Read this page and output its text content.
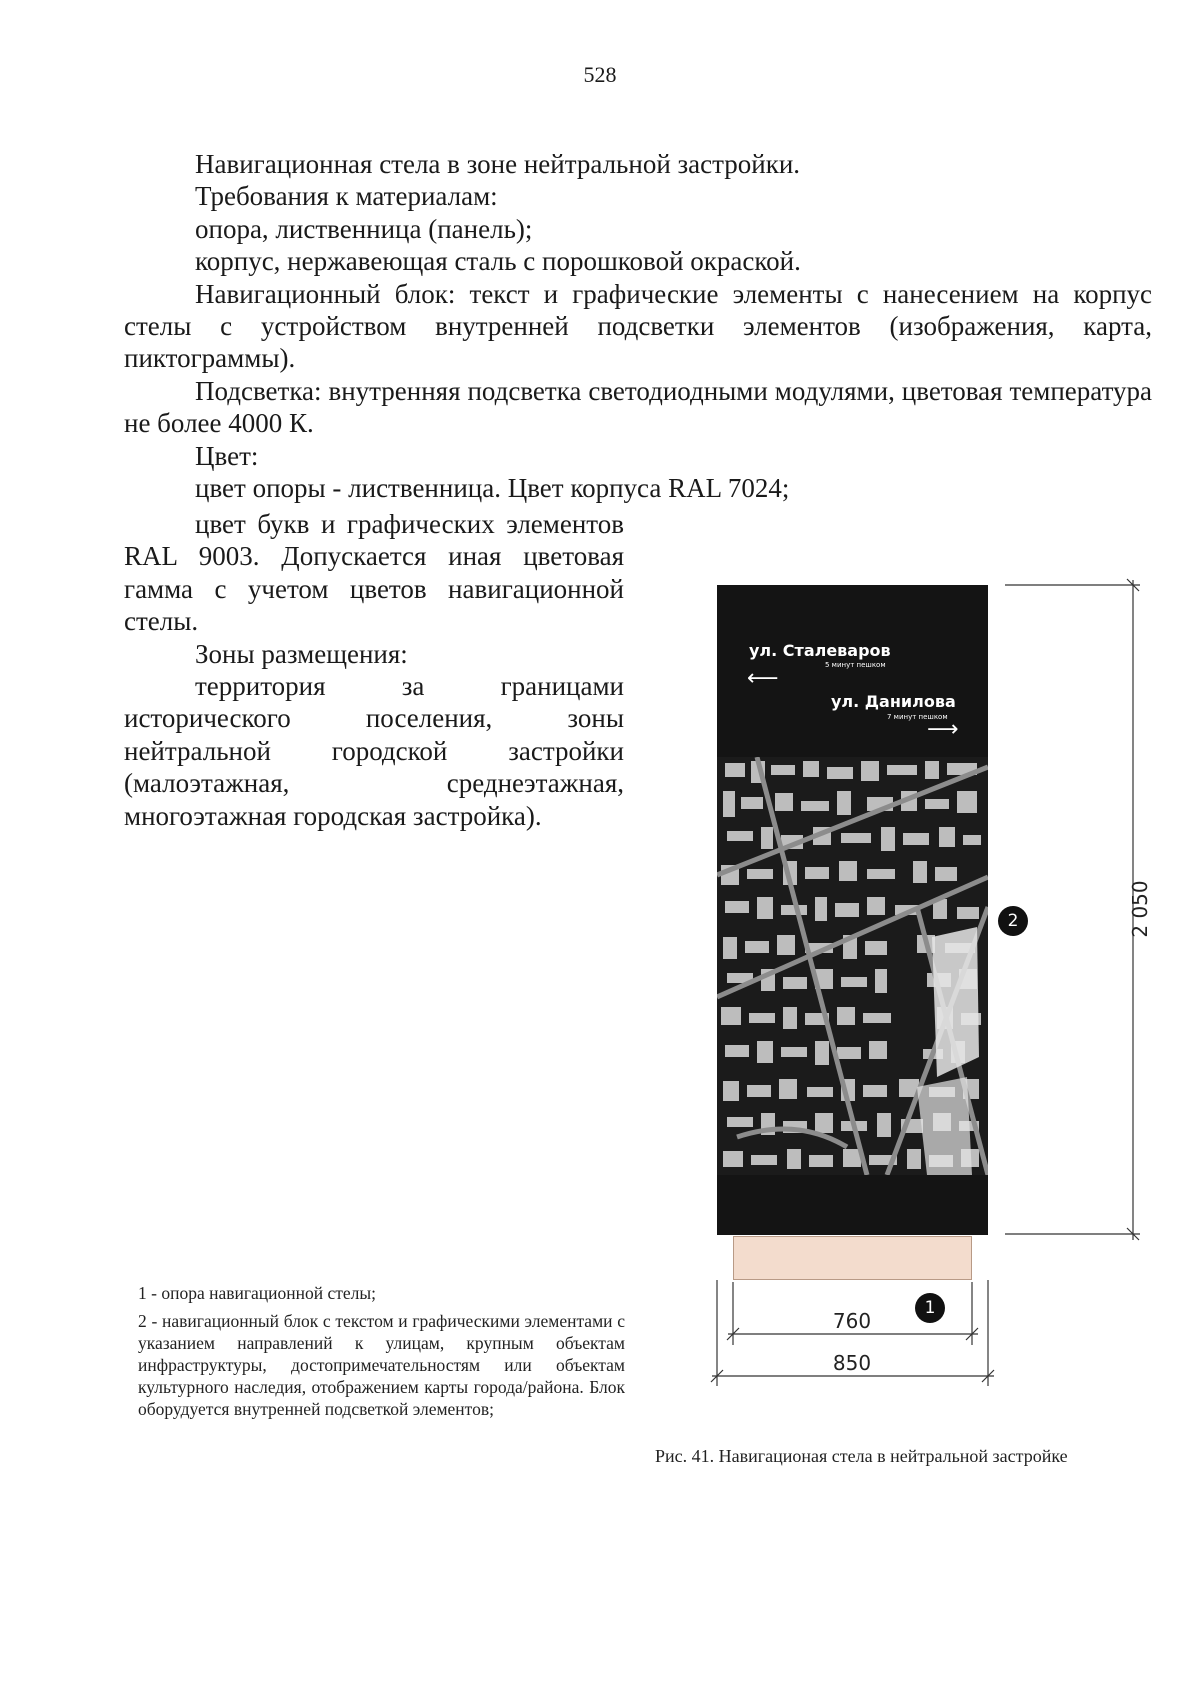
528

Навигационная стела в зоне нейтральной застройки.

Требования к материалам:

опора, лиственница (панель);

корпус, нержавеющая сталь с порошковой окраской.

Навигационный блок: текст и графические элементы с нанесением на корпус стелы с устройством внутренней подсветки элементов (изображения, карта, пиктограммы).

Подсветка: внутренняя подсветка светодиодными модулями, цветовая температура не более 4000 К.

Цвет:

цвет опоры - лиственница. Цвет корпуса RAL 7024;

цвет букв и графических элементов RAL 9003. Допускается иная цветовая гамма с учетом цветов навигационной стелы.

Зоны размещения:

территория за границами исторического поселения, зоны нейтральной городской застройки (малоэтажная, среднеэтажная, многоэтажная городская застройка).

ул. Сталеваров
5 минут пешком
⟵
ул. Данилова
7 минут пешком
⟶
2
1
2 050
760
850

1 - опора навигационной стелы;

2 - навигационный блок с текстом и графическими элементами с указанием направлений к улицам, крупным объектам инфраструктуры, достопримечательностям или объектам культурного наследия, отображением карты города/района. Блок оборудуется внутренней подсветкой элементов;

Рис. 41. Навигационая стела в нейтральной застройке
